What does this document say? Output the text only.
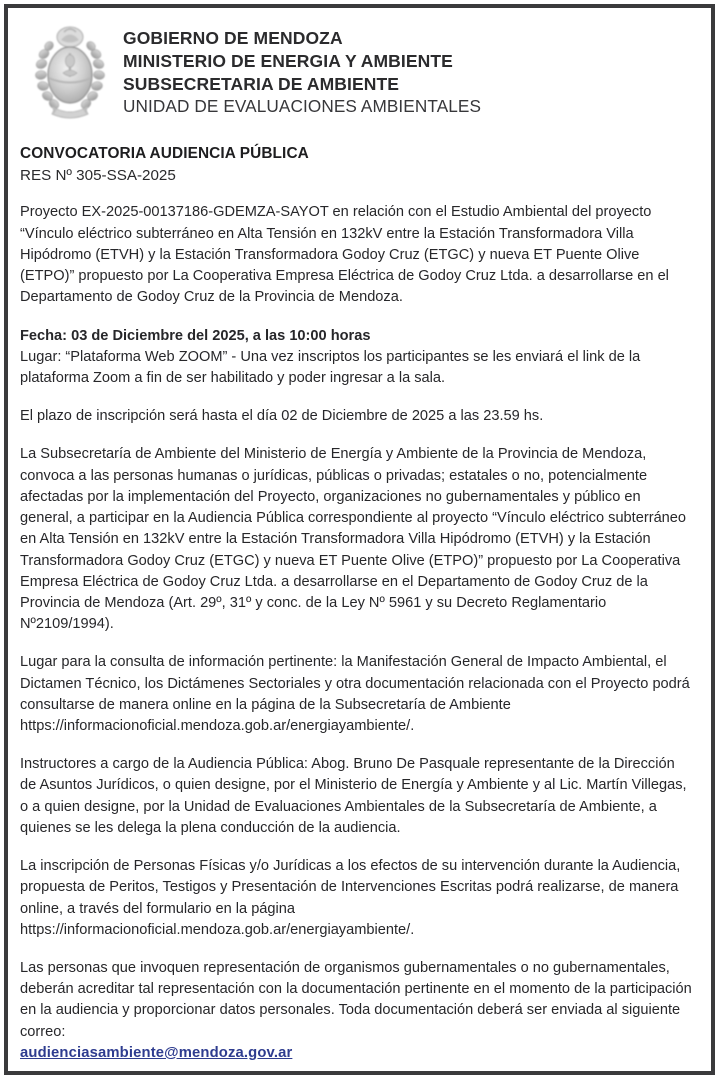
GOBIERNO DE MENDOZA
MINISTERIO DE ENERGIA Y AMBIENTE
SUBSECRETARIA DE AMBIENTE
UNIDAD DE EVALUACIONES AMBIENTALES
CONVOCATORIA AUDIENCIA PÚBLICA
RES Nº 305-SSA-2025

Proyecto EX-2025-00137186-GDEMZA-SAYOT en relación con el Estudio Ambiental del proyecto “Vínculo eléctrico subterráneo en Alta Tensión en 132kV entre la Estación Transformadora Villa Hipódromo (ETVH) y la Estación Transformadora Godoy Cruz (ETGC) y nueva ET Puente Olive (ETPO)” propuesto por La Cooperativa Empresa Eléctrica de Godoy Cruz Ltda. a desarrollarse en el Departamento de Godoy Cruz de la Provincia de Mendoza.

Fecha: 03 de Diciembre del 2025, a las 10:00 horas
Lugar: “Plataforma Web ZOOM” - Una vez inscriptos los participantes se les enviará el link de la plataforma Zoom a fin de ser habilitado y poder ingresar a la sala.

El plazo de inscripción será hasta el día 02 de Diciembre de 2025 a las 23.59 hs.

La Subsecretaría de Ambiente del Ministerio de Energía y Ambiente de la Provincia de Mendoza, convoca a las personas humanas o jurídicas, públicas o privadas; estatales o no, potencialmente afectadas por la implementación del Proyecto, organizaciones no gubernamentales y público en general, a participar en la Audiencia Pública correspondiente al proyecto “Vínculo eléctrico subterráneo en Alta Tensión en 132kV entre la Estación Transformadora Villa Hipódromo (ETVH) y la Estación Transformadora Godoy Cruz (ETGC) y nueva ET Puente Olive (ETPO)” propuesto por La Cooperativa Empresa Eléctrica de Godoy Cruz Ltda. a desarrollarse en el Departamento de Godoy Cruz de la Provincia de Mendoza (Art. 29º, 31º y conc. de la Ley Nº 5961 y su Decreto Reglamentario Nº2109/1994).

Lugar para la consulta de información pertinente: la Manifestación General de Impacto Ambiental, el Dictamen Técnico, los Dictámenes Sectoriales y otra documentación relacionada con el Proyecto podrá consultarse de manera online en la página de la Subsecretaría de Ambiente
https://informacionoficial.mendoza.gob.ar/energiayambiente/.

Instructores a cargo de la Audiencia Pública: Abog. Bruno De Pasquale representante de la Dirección de Asuntos Jurídicos, o quien designe, por el Ministerio de Energía y Ambiente y al Lic. Martín Villegas, o a quien designe, por la Unidad de Evaluaciones Ambientales de la Subsecretaría de Ambiente, a quienes se les delega la plena conducción de la audiencia.

La inscripción de Personas Físicas y/o Jurídicas a los efectos de su intervención durante la Audiencia, propuesta de Peritos, Testigos y Presentación de Intervenciones Escritas podrá realizarse, de manera online, a través del formulario en la página https://informacionoficial.mendoza.gob.ar/energiayambiente/.

Las personas que invoquen representación de organismos gubernamentales o no gubernamentales, deberán acreditar tal representación con la documentación pertinente en el momento de la participación en la audiencia y proporcionar datos personales. Toda documentación deberá ser enviada al siguiente correo:
audienciasambiente@mendoza.gov.ar
